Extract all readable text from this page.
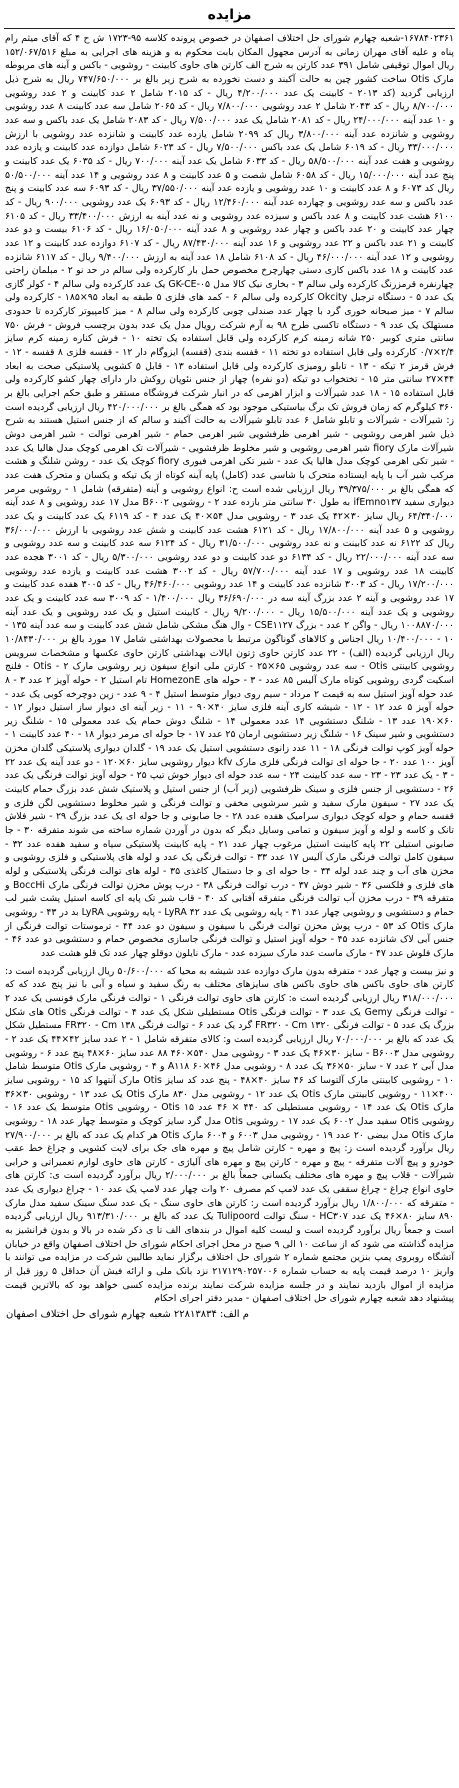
مزایده

۱۶۷۸۴۰۲۳۶۱-شعبه چهارم شورای حل اختلاف اصفهان در خصوص پرونده کلاسه ۹۵-۱۷۲۳ ش ح ۴ که آقای میثم رام پناه و علیه آقای مهران زمانی به آدرس مجهول المکان بابت محکوم به و هزینه های اجرایی به مبلغ ۱۵۲/۰۶۷/۵۱۶ ریال اموال توقیفی شامل ۳۹۱ عدد کارتن به شرح الف کارتن های حاوی کابینت - روشویی - باکس و آینه های مربوطه مارک Otis ساخت کشور چین به حالت آکبند و دست نخورده به شرح زیر بالغ بر ۷۴۷/۶۵۰/۰۰۰ ریال به شرح ذیل ارزیابی گردید (کد ۲۰۱۳ - کابینت یک عدد ۴/۲۰۰/۰۰۰ ریال - کد ۲۰۱۵ شامل ۲ عدد کابینت و ۲ عدد روشویی ۸/۷۰۰/۰۰۰ ریال - کد ۲۰۴۳ شامل ۲ عدد روشویی ۷/۸۰۰/۰۰۰ ریال - کد ۲۰۶۵ شامل سه عدد کابینت ۸ عدد روشویی و ۱۰ عدد آینه ۲۴/۰۰۰/۰۰۰ ریال - کد ۲۰۸۱ شامل یک عدد ۷/۵۰۰/۰۰۰ ریال - کد ۲۰۸۳ شامل یک عدد باکس و سه عدد روشویی و شانزده عدد آینه ۳/۸۰۰/۰۰۰ ریال کد ۲۰۹۹ شامل یازده عدد کابینت و شانزده عدد روشویی با ارزش ۳۳/۰۰۰/۰۰۰ ریال - کد ۶۰۱۹ شامل یک عدد باکس ۷/۵۰۰/۰۰۰ ریال - کد ۶۰۲۳ شامل دوازده عدد کابینت و یازده عدد روشویی و هفت عدد آینه ۵۸/۵۰۰/۰۰۰ ریال - کد ۶۰۳۳ شامل یک عدد آینه ۷۰۰/۰۰۰ ریال - کد ۶۰۳۵ یک عدد کابینت و پنج عدد آینه ۱۵/۰۰۰/۰۰۰ ریال - کد ۶۰۵۸ شامل شصت و ۵ عدد کابینت و ۸ عدد روشویی و ۱۴ عدد آینه ۵۰/۵۰۰/۰۰۰ ریال کد ۶۰۷۳ و ۸ عدد کابینت و ۱۰ عدد روشویی و یازده عدد آینه ۳۷/۵۵۰/۰۰۰ ریال - کد ۶۰۹۳ سه عدد کابینت و پنج عدد باکس و سه عدد روشویی و چهارده عدد آینه ۱۲/۴۶۰/۰۰۰ ریال - کد ۶۰۹۳ یک عدد روشویی ۹۰۰/۰۰۰ ریال - کد ۶۱۰۰ هشت عدد کابینت و ۸ عدد باکس و سیزده عدد روشویی و نه عدد آینه به ارزش ۳۳/۴۰۰/۰۰۰ ریال - کد ۶۱۰۵ چهار عدد کابینت و ۲۰ عدد باکس و چهار عدد روشویی و ۸ عدد آینه ۱۶/۰۵۰/۰۰۰ ریال - کد ۶۱۰۶ بیست و دو عدد کابینت و ۲۱ عدد باکس و ۲۲ عدد روشویی و ۱۶ عدد آینه ۸۷/۴۳۰/۰۰۰ ریال - کد ۶۱۰۷ دوازده عدد کابینت و ۱۲ عدد روشویی و ۱۲ عدد آینه ۴۶/۰۰۰/۰۰۰ ریال - کد ۶۱۰۸ شامل ۱۸ عدد آینه به ارزش ۹/۴۰۰/۰۰۰ ریال - کد ۶۱۱۷ شانزده عدد کابینت و ۱۸ عدد باکس کاری دستی چهارچرخ مخصوص حمل بار کارکرده ولی سالم در حد نو ۲ - مبلمان راحتی چهارنفره قرمزرنگ کارکرده ولی سالم ۳ - بخاری نیک کالا مدل GK-CE-۰۵ یک عدد کارکرده ولی سالم ۴ - کولر گازی یک عدد ۵ - دستگاه ترجیل Okcity کارکرده ولی سالم ۶ - کمد های فلزی ۵ طبقه به ابعاد ۹۵×۱۸۵ - کارکرده ولی سالم ۷ - میز صبحانه خوری گرد با چهار عدد صندلی چوبی کارکرده ولی سالم ۸ - میز کامپیوتر کارکرده تا حدودی مستهلک یک عدد ۹ - دستگاه تاکسی طرح ۹۸ به آرم شرکت رویال مدل یک عدد بدون برچسب فروش - فرش ۷۵۰ سانتی متری کوبیر ۲۵۰ شانه زمینه کرم کارکرده ولی قابل استفاده یک تخته ۱۰ - فرش کناره زمینه کرم سایز ۲/۴×۰/۷ کارکرده ولی قابل استفاده دو تخته ۱۱ - قفسه بندی (قفسه) ایزوگام دار ۱۲ - قفسه فلزی ۸ قفسه - ۱۲ - فرش قرمز ۲ تیکه - ۱۳ - تابلو رومیزی کارکرده ولی قابل استفاده ۱۳ - قابل ۵ کشویی پلاستیکی صحت به ابعاد ۴۴×۲۷ سانتی متر ۱۵ - تختخواب دو تیکه (دو نفره) چهار از جنس نئوپان روکش دار دارای چهار کشو کارکرده ولی قابل استفاده ۱۵ - ۱۸ عدد شیرآلات و ابزار اهرمی که در انبار شرکت فروشگاه مستقر و طبق حکم اجرایی بالغ بر ۳۶۰ کیلوگرم که زمان فروش تک برگ بیاستیکی موجود بود که همگی بالغ بر ۴۲۰/۰۰۰/۰۰۰ ریال ارزیابی گردیده است ز: شیرآلات - شیرآلات و تابلو شامل ۶ عدد تابلو شیرآلات به حالت آکبند و سالم که از جنس استیل هستند به شرح ذیل شیر اهرمی روشویی - شیر اهرمی ظرفشویی شیر اهرمی حمام - شیر اهرمی توالت - شیر اهرمی دوش شیرآلات مارک fiory شیر اهرمی روشویی و شیر مخلوط ظرفشویی - شیرآلات تک اهرمی کوچک مدل هالیا یک عدد - شیر تکی اهرمی کوچک مدل هالیا یک عدد - شیر تکی اهرمی فیوری fiory کوچک یک عدد - روشن شلنگ و هشت مرکب شیر آب با پایه ایستاده متحرک با شاسی عدد (کامل) پایه آینه کوتاه از یک تیکه و یکسان و متحرک هفت عدد که همگی بالغ بر ۳۹/۳۷۵/۰۰۰ ریال ارزیابی شده است ح: انواع روشویی و آینه (متفرقه) شامل ۱ - روشویی مرمر دیواری سفید ifEmno۱۳۷ به طول ۳۰ سانتی متر بازده عدد ۲ - روشویی B۶۰۰۲ مدل ۱۷ عدد روشویی و ۸ عدد آینه ۶۴/۳۴۰/۰۰۰ ریال سایز ۳۰×۴۲ یک عدد ۳ - روشویی مدل ۵۴×۴۰ یک عدد ۴ - کد ۶۱۱۹ یک عدد کابینت و یک عدد روشویی و ۵ عدد آینه ۱۷/۸۰۰/۰۰۰ ریال - کد ۶۱۲۱ هشت عدد کابینت و شش عدد روشویی با ارزش ۳۶/۰۰۰/۰۰۰ ریال کد ۶۱۲۲ نه عدد کابینت و نه عدد روشویی ۳۱/۵۰۰/۰۰۰ ریال - کد ۶۱۲۴ سه عدد کابینت و سه عدد روشویی و سه عدد آینه ۲۲/۰۰۰/۰۰۰ ریال - کد ۶۱۳۴ دو عدد کابینت و دو عدد روشویی ۵/۳۰۰/۰۰۰ ریال - کد ۳۰۰۱ هجده عدد کابینت ۱۸ عدد روشویی و ۱۷ عدد آینه ۵۷/۷۰۰/۰۰۰ ریال - کد ۳۰۰۲ هشت عدد کابینت و یازده عدد روشویی ۱۷/۲۰۰/۰۰۰ ریال - کد ۳۰۰۳ شانزده عدد کابینت و ۱۴ عدد روشویی ۴۶/۴۶۰/۰۰۰ ریال - کد ۳۰۰۵ هفده عدد کابینت و ۱۷ عدد روشویی و آینه ۲ عدد بزرگ آینه سه در ۳۶/۶۹۰/۰۰۰ ریال ۱/۴۰۰/۰۰۰ - کد ۳۰۰۹ سه عدد کابینت و یک عدد روشویی و یک عدد آینه ۱۵/۵۰۰/۰۰۰ ریال - ۹/۲۰۰/۰۰۰ ریال - کابینت استیل و یک عدد روشویی و یک عدد آینه ۱۰۰۸۸۷۰/۰۰۰ ریال - واگن ۲ عدد - بزرگ CSE۱۱۲۷ - وال هنگ مشکی شامل شش عدد کابینت و سه عدد آینه ۱۳۵ - ۱۰ - ۱۰/۴۰۰/۰۰۰ ریال اجناس و کالاهای گوناگون مرتبط با محصولات بهداشتی شامل ۱۷ مورد بالغ بر ۱۰/۸۴۳۰/۰۰۰ ریال ارزیابی گردیده (الف) - ۲۲ عدد کارتن حاوی ژتون ایالات بهداشتی کارتن حاوی عکسها و مشخصات سرویس روشویی کابینتی Otis - سه عدد روشویی ۶۵×۲۵ - کارتن ملی انواع سیفون زیر روشویی مارک Otis - ۲ - فلنج اسکیت گردی روشویی کوتاه مارک آلیس ۸۵ عدد - ۳ - حوله های HomezonE تام استیل ۲ - حوله آویز ۲ عدد ۳ - ۸ عدد حوله آویز استیل سه به قیمت ۲ مرداد - سیم روی دیوار متوسط استیل ۴ - ۹ عدد - زین دوچرخه کوبی یک عدد - حوله آویز ۵ عدد ۱۲ - ۱۲ - شیشه کاری آینه فلزی سایز ۴۰×۹۰ - ۱۱ - زیر آینه ای دیوار ساز استیل دیوار ۱۲ - ۶۰×۱۹۰ عدد ۱۳ - شلنگ دستشویی ۱۴ عدد معمولی ۱۴ - شلنگ دوش حمام یک عدد معمولی ۱۵ - شلنگ زیر دستشویی و شیر سینک ۱۶ - شلنگ زیر دستشویی ارمان ۲۵ عدد ۱۷ - جا حوله ای مرمر دیوار ۱۸ - ۴۰ عدد کابینت ۱ - حوله آویز کوپ توالت فرنگی ۱۸ - ۱۱ عدد زانوی دستشویی استیل یک عدد ۱۹ - گلدان دیواری پلاستیکی گلدان مخزن آویز ۱۰۰ عدد ۲۰ - جا حوله ای توالت فرنگی فلزی مارک kfv دیوار روشویی سایز ۶۰×۱۲۰ - دو عدد آینه یک عدد ۲۲ - ۳ - یک عدد ۲۳ - ۲۳ - سه عدد کابینت ۲۴ - سه عدد حوله ای دیوار خوش تیپ ۲۵ - حوله آویز توالت فرنگی یک عدد ۲۶ - دستشویی از جنس فلزی و سینک ظرفشویی (زیر آب) از جنس استیل و پلاستیک شش عدد بزرگ حمام کابینت یک عدد ۲۷ - سیفون مارک سفید و شیر سرشویی مخفی و توالت فرنگی و شیر مخلوط دستشویی لگن فلزی و قفسه حمام و حوله کوچک دیواری سرامیک هفده عدد ۲۸ - جا صابونی و جا حوله ای یک عدد بزرگ ۲۹ - شیر فلاش تانک و کاسه و لوله و آویز سیفون و تمامی وسایل دیگر که بدون در آوردن شماره ساخته می شوند متفرقه ۳۰ - جا صابونی استیلی ۲۲ پایه کابینت استیل مرغوب چهار عدد ۲۱ - پایه کابینت پلاستیکی سیاه و سفید هفده عدد ۳۲ - سیفون کامل توالت فرنگی مارک آلیس ۱۷ عدد ۳۳ - توالت فرنگی یک عدد و لوله های پلاستیکی و فلزی روشویی و مخزن های آب و چند عدد لوله ۳۴ - جا حوله ای و جا دستمال کاغذی ۳۵ - لوله های توالت فرنگی پلاستیکی و لوله های فلزی و فلکسی ۳۶ - شیر دوش ۳۷ - درب توالت فرنگی ۳۸ - درب پوش مخزن توالت فرنگی مارک BoccHi و متفرقه ۳۹ - درب مخزن آب توالت فرنگی متفرقه آفتابی کد ۴۰ - قاب شیر تک پایه ای کاسه استیل پشت شیر لب حمام و دستشویی و روشویی چهار عدد ۴۱ - پایه روشویی یک عدد ۴۲ LyRA - پایه روشویی LyRA بد در ۴۳ - روشویی مارک Otis کد ۵۳ - درب پوش مخزن توالت فرنگی با سیفون و سیفون دو عدد ۴۴ - ترموستات توالت فرنگی از جنس آبی لاک شانزده عدد ۴۵ - حوله آویز استیل و توالت فرنگی جاسازی مخصوص حمام و دستشویی دو عدد ۴۶ - مارک فلوش عدد ۴۷ - مارک ماست عدد مارک سیزده عدد - مارک نایلون دوقلو چهار عدد تک قلو هشت عدد

و نیز بیست و چهار عدد - متفرقه بدون مارک دوازده عدد شیشه به محیا که ۵۰/۶۰۰/۰۰۰ ریال ارزیابی گردیده است د: کارتن های حاوی باکس های حاوی باکس های سایزهای مختلف به رنگ سفید و سیاه و آبی با نیز پنج عدد که که ۳۱۸/۰۰۰/۰۰۰ ریال ارزیابی گردیده است ه: کارتن های حاوی توالت فرنگی ۱ - توالت فرنگی مارک فونسی یک عدد ۲ - توالت فرنگی Gemy یک عدد ۳ - توالت فرنگی Otis مستطیلی شکل یک عدد ۴ - توالت فرنگی Otis های شکل بزرگ یک عدد ۵ - توالت فرنگی FR۳۲۰ - Cm ۱۳۲۰ گرد یک عدد ۶ - توالت فرنگی FR۳۲۰ - Cm ۱۳۸ مستطیل شکل یک عدد که بالغ بر ۷۰/۰۰۰/۰۰۰ ریال ارزیابی گردیده است و: کالای متفرقه شامل ۱ - ۲ عدد سایز ۴۲×۴۴ یک عدد ۲ - روشویی مدل B۶۰۰۳ - سایز ۳۰×۴۶ یک عدد ۳ - روشویی مدل ۵۴۰×۴۶۰ ۸۸ عدد سایز ۶۰×۴۸ پنج عدد ۶ - روشویی مدل آبی ۲ عدد ۷ - سایز ۵۰×۳۶ یک عدد ۸ - روشویی مدل A۱۱۸ ۶۰×۴۶ و ۴ - روشویی مارک Otis متوسط شامل ۱۰ - روشویی کابینتی مارک آلتوسا کد ۴۶ سایز ۴۰×۴۸ - پنج عدد کد سایز Otis مارک آنتهوا کد ۱۵ - روشویی سایز ۴۰۰×۱۱ - روشویی کابینتی مارک Otis یک عدد ۱۲ - روشویی مدل ۸۳۰ مارک Otis یک عدد ۱۳ - روشویی ۳۰×۳۶ مارک Otis یک عدد ۱۴ - روشویی مستطیلی کد ۴۴۰ × ۴۶ عدد Otis ۱۵ - روشویی Otis متوسط یک عدد ۱۶ - روشویی Otis سفید مدل ۶۰۰۲ یک عدد ۱۷ - روشویی Otis مدل گرد سایز کوچک و متوسط چهار عدد ۱۸ - روشویی مارک Otis مدل بیضی ۲۰ عدد ۱۹ - روشویی مدل ۶۰۰۳ و ۶۰۰۴ مارک Otis هر کدام یک عدد که بالغ بر ۲۷/۹۰۰/۰۰۰ ریال برآورد گردیده است ز: پیچ و مهره - کارتن شامل پیچ و مهره های جک برای لایت کشویی و چراغ خط عقب خودرو و پیچ آلات متفرقه - پیچ و مهره - کارتن پیچ و مهره های آلیاژی - کارتن های حاوی لوازم تعمیراتی و خرابی شیرآلات - قلاب پیچ و مهره های مختلف یکسانی جمعاً بالغ بر ۲/۰۰۰/۰۰۰ ریال برآورد گردیده است ی: کارتن های حاوی انواع چراغ - چراغ سقفی یک عدد لامپ کم مصرف ۲۰ وات چهار عدد لامپ یک عدد ۱۰ - چراغ دیواری یک عدد - متفرقه که ۱/۸۰۰/۰۰۰ ریال برآورد گردیده است ر: کارتن های حاوی سنگ - یک عدد سنگ سینک سفید مدل مارک ۸۹۰ سایز ۸۰×۴۶ یک عدد HC۳۰۷ - سنگ توالت Tulipoord یک عدد که بالغ بر ۹۱۳/۳۱۰/۰۰۰ ریال ارزیابی گردیده است و جمعاً ریال برآورد گردیده است و لیست کلیه اموال در بندهای الف تا ی ذکر شده در بالا و بدون فرانشیز به مزایده گذاشته می شود که از ساعت ۱۰ الی ۹ صبح در محل اجرای احکام شورای حل اختلاف اصفهان واقع در خیابان آتشگاه روبروی پمپ بنزین مجتمع شماره ۲ شورای حل اختلاف برگزار نماید طالبین شرکت در مزایده می توانند با واریز ۱۰ درصد قیمت پایه به حساب شماره ۲۱۷۱۲۹۰۲۵۷۰۰۶ نزد بانک ملی و ارائه فیش آن حداقل ۵ روز قبل از مزایده از اموال بازدید نمایند و در جلسه مزایده شرکت نمایند برنده مزایده کسی خواهد بود که بالاترین قیمت پیشنهاد دهد شعبه چهارم شورای حل اختلاف اصفهان - مدیر دفتر اجرای احکام

م الف: ۲۲۸۱۳۸۳۴ شعبه چهارم شورای حل اختلاف اصفهان
